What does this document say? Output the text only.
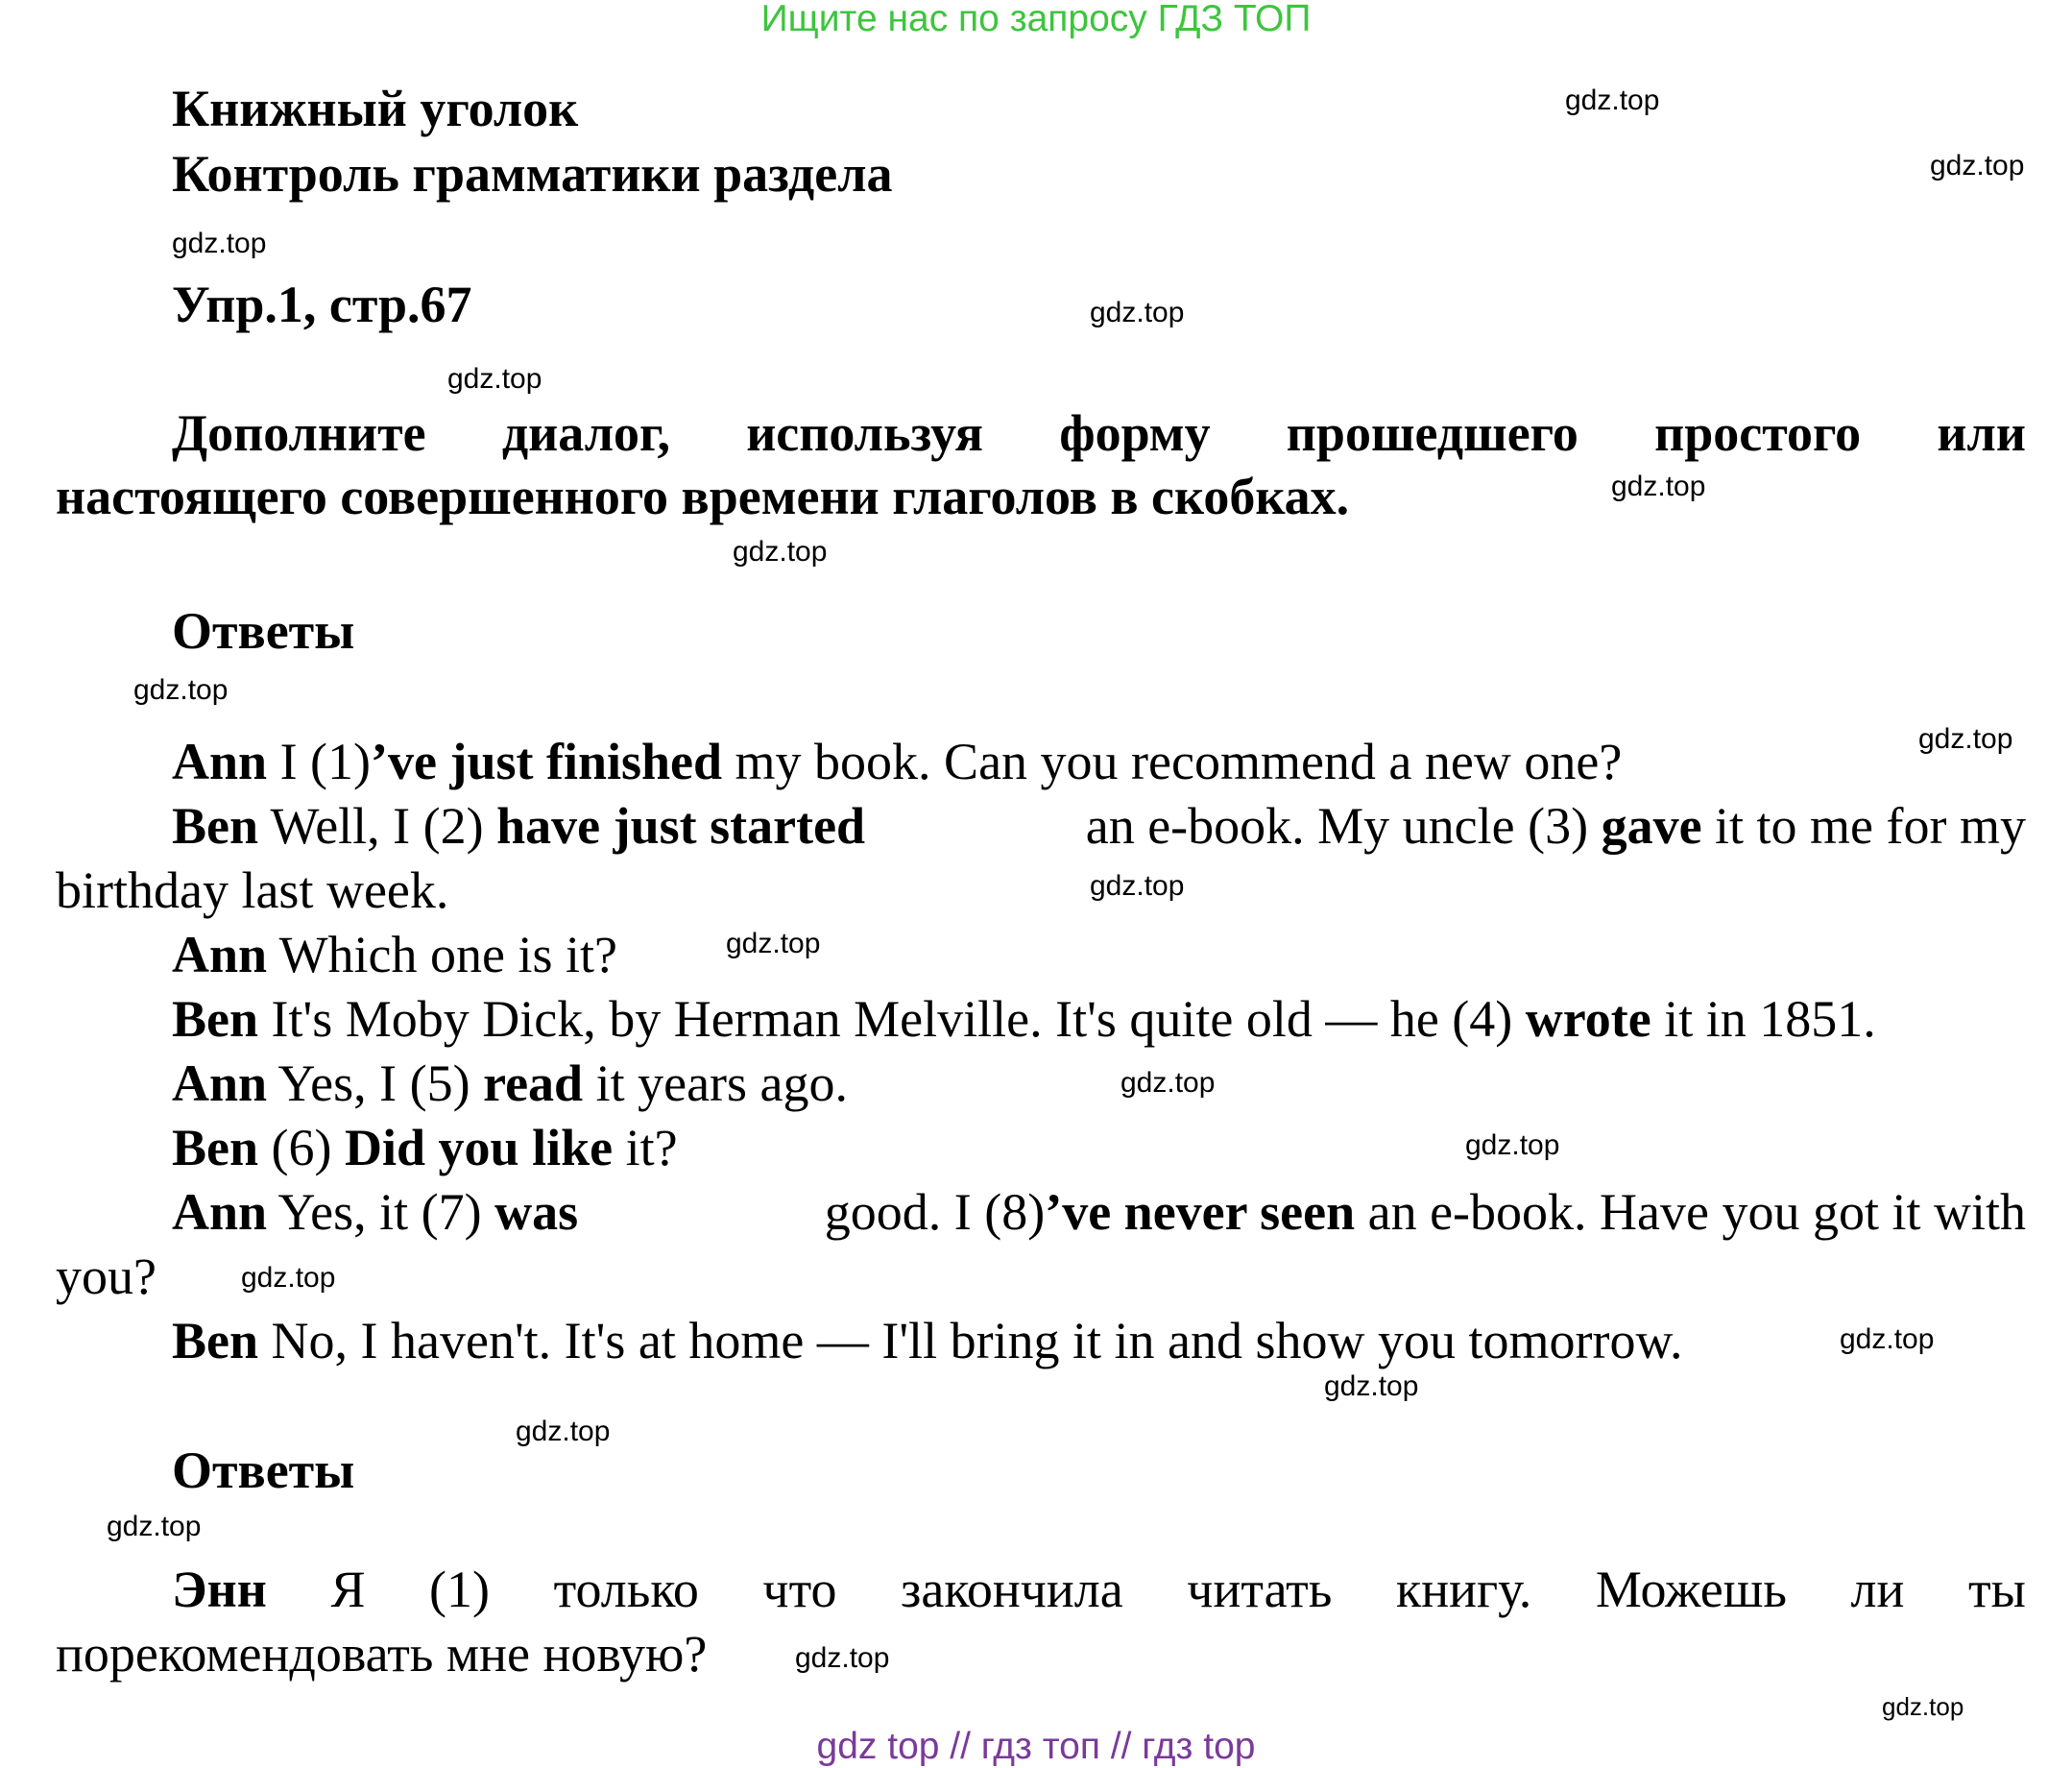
Ищите нас по запросу ГДЗ ТОП
Книжный уголок
Контроль грамматики раздела
Упр.1, стр.67
Дополните диалог, используя форму прошедшего простого или
настоящего совершенного времени глаголов в скобках.
Ответы
Ann I (1)’ve just finished my book. Can you recommend a new one?
Ben Well, I (2) have just started	an e-book. My uncle (3) gave it to me for my
birthday last week.
Ann Which one is it?
Ben It's Moby Dick, by Herman Melville. It's quite old — he (4) wrote it in 1851.
Ann Yes, I (5) read it years ago.
Ben (6) Did you like it?
Ann Yes, it (7) was	good. I (8)’ve never seen an e-book. Have you got it with
you?
Ben No, I haven't. It's at home — I'll bring it in and show you tomorrow.
Ответы
Энн Я (1) только что закончила читать книгу. Можешь ли ты
порекомендовать мне новую?
gdz.top
gdz.top
gdz.top
gdz.top
gdz.top
gdz.top
gdz.top
gdz.top
gdz.top
gdz.top
gdz.top
gdz.top
gdz.top
gdz.top
gdz.top
gdz.top
gdz.top
gdz.top
gdz.top
gdz.top
gdz top // гдз топ // гдз top
